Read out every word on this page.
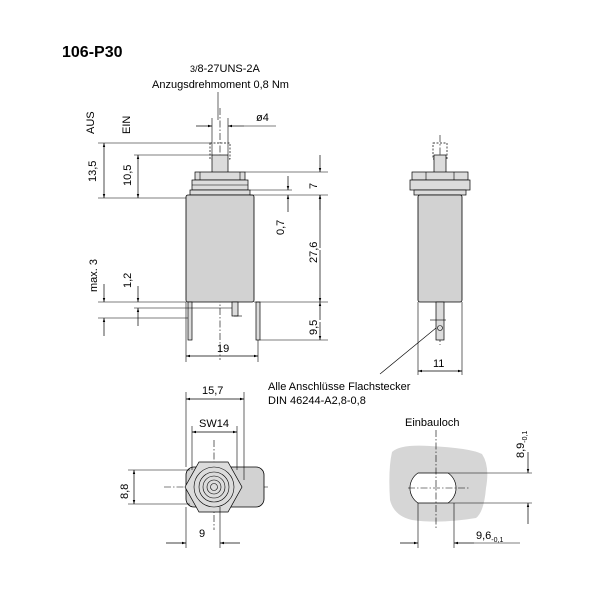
106-P30
3/8-27UNS-2A
Anzugsdrehmoment 0,8 Nm
ø4
AUS EIN
13,5 10,5
max. 3 1,2
7
0,7
27,6
9,5
19
11
Alle Anschlüsse Flachstecker
DIN 46244-A2,8-0,8
15,7
SW14
8,8
9
Einbauloch
$8,9_{-0,1}$
$9,6_{-0,1}$
